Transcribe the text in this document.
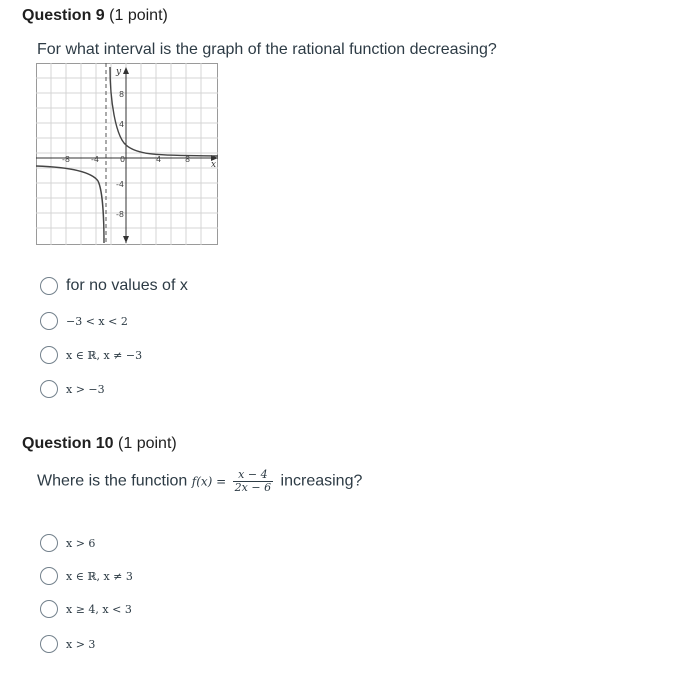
Question 9 (1 point)
For what interval is the graph of the rational function decreasing?
y
x
-8	-4	0	4	8
4
8
-4
-8
for no values of x
−3 < x < 2
x ∈ ℝ, x ≠ −3
x > −3
Question 10 (1 point)
Where is the function $f(x) = \frac{x - 4}{2x - 6}$ increasing?
x > 6
x ∈ ℝ, x ≠ 3
x ≥ 4, x < 3
x > 3
